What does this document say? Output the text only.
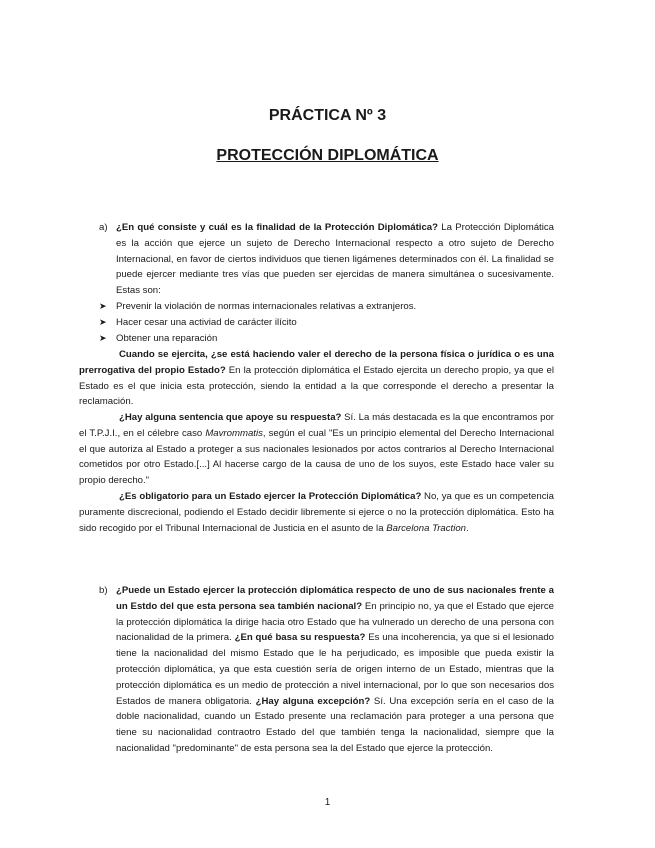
PRÁCTICA Nº 3
PROTECCIÓN DIPLOMÁTICA
a) ¿En qué consiste y cuál es la finalidad de la Protección Diplomática? La Protección Diplomática es la acción que ejerce un sujeto de Derecho Internacional respecto a otro sujeto de Derecho Internacional, en favor de ciertos individuos que tienen ligámenes determinados con él. La finalidad se puede ejercer mediante tres vías que pueden ser ejercidas de manera simultánea o sucesivamente. Estas son:

➤ Prevenir la violación de normas internacionales relativas a extranjeros.
➤ Hacer cesar una activiad de carácter ilícito
➤ Obtener una reparación

Cuando se ejercita, ¿se está haciendo valer el derecho de la persona física o jurídica o es una prerrogativa del propio Estado? En la protección diplomática el Estado ejercita un derecho propio, ya que el Estado es el que inicia esta protección, siendo la entidad a la que corresponde el derecho a presentar la reclamación.

¿Hay alguna sentencia que apoye su respuesta? Sí. La más destacada es la que encontramos por el T.P.J.I., en el célebre caso Mavrommatis, según el cual "Es un principio elemental del Derecho Internacional el que autoriza al Estado a proteger a sus nacionales lesionados por actos contrarios al Derecho Internacional cometidos por otro Estado.[...] Al hacerse cargo de la causa de uno de los suyos, este Estado hace valer su propio derecho."

¿Es obligatorio para un Estado ejercer la Protección Diplomática? No, ya que es un competencia puramente discrecional, podiendo el Estado decidir libremente si ejerce o no la protección diplomática. Esto ha sido recogido por el Tribunal Internacional de Justicia en el asunto de la Barcelona Traction.

b) ¿Puede un Estado ejercer la protección diplomática respecto de uno de sus nacionales frente a un Estdo del que esta persona sea también nacional? En principio no, ya que el Estado que ejerce la protección diplomática la dirige hacia otro Estado que ha vulnerado un derecho de una persona con nacionalidad de la primera. ¿En qué basa su respuesta? Es una incoherencia, ya que si el lesionado tiene la nacionalidad del mismo Estado que le ha perjudicado, es imposible que pueda existir la protección diplomática, ya que esta cuestión sería de origen interno de un Estado, mientras que la protección diplomática es un medio de protección a nivel internacional, por lo que son necesarios dos Estados de manera obligatoria. ¿Hay alguna excepción? Sí. Una excepción sería en el caso de la doble nacionalidad, cuando un Estado presente una reclamación para proteger a una persona que tiene su nacionalidad contraotro Estado del que también tenga la nacionalidad, siempre que la nacionalidad "predominante" de esta persona sea la del Estado que ejerce la protección.

1
